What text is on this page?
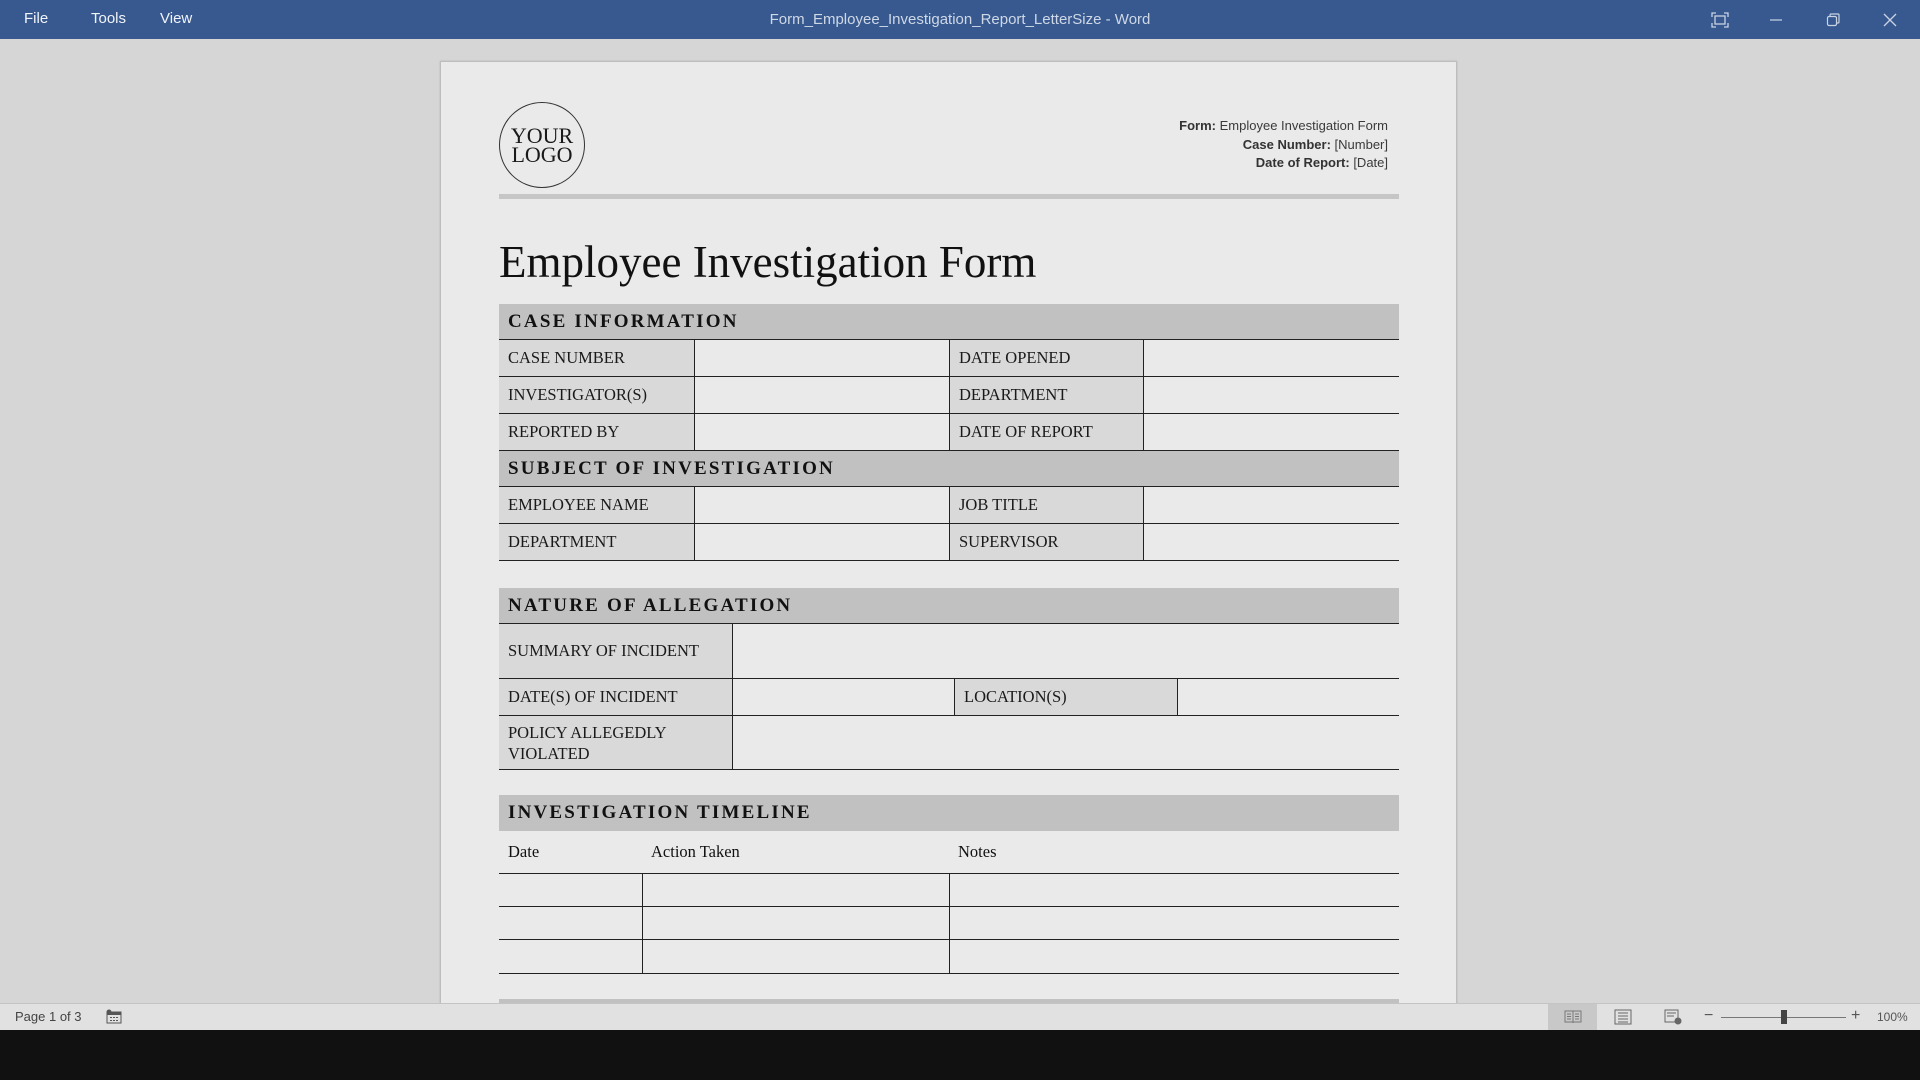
File	Tools View	Form_Employee_Investigation_Report_LetterSize - Word
YOUR
LOGO
Form: Employee Investigation Form
Case Number: [Number]
Date of Report: [Date]
Employee Investigation Form
CASE INFORMATION
CASE NUMBER	DATE OPENED
INVESTIGATOR(S)	DEPARTMENT
REPORTED BY	DATE OF REPORT
SUBJECT OF INVESTIGATION
EMPLOYEE NAME	JOB TITLE
DEPARTMENT	SUPERVISOR
NATURE OF ALLEGATION
SUMMARY OF INCIDENT
DATE(S) OF INCIDENT	LOCATION(S)
POLICY ALLEGEDLY VIOLATED
INVESTIGATION TIMELINE
Date	Action Taken	Notes
Page 1 of 3	−	+ 100%
